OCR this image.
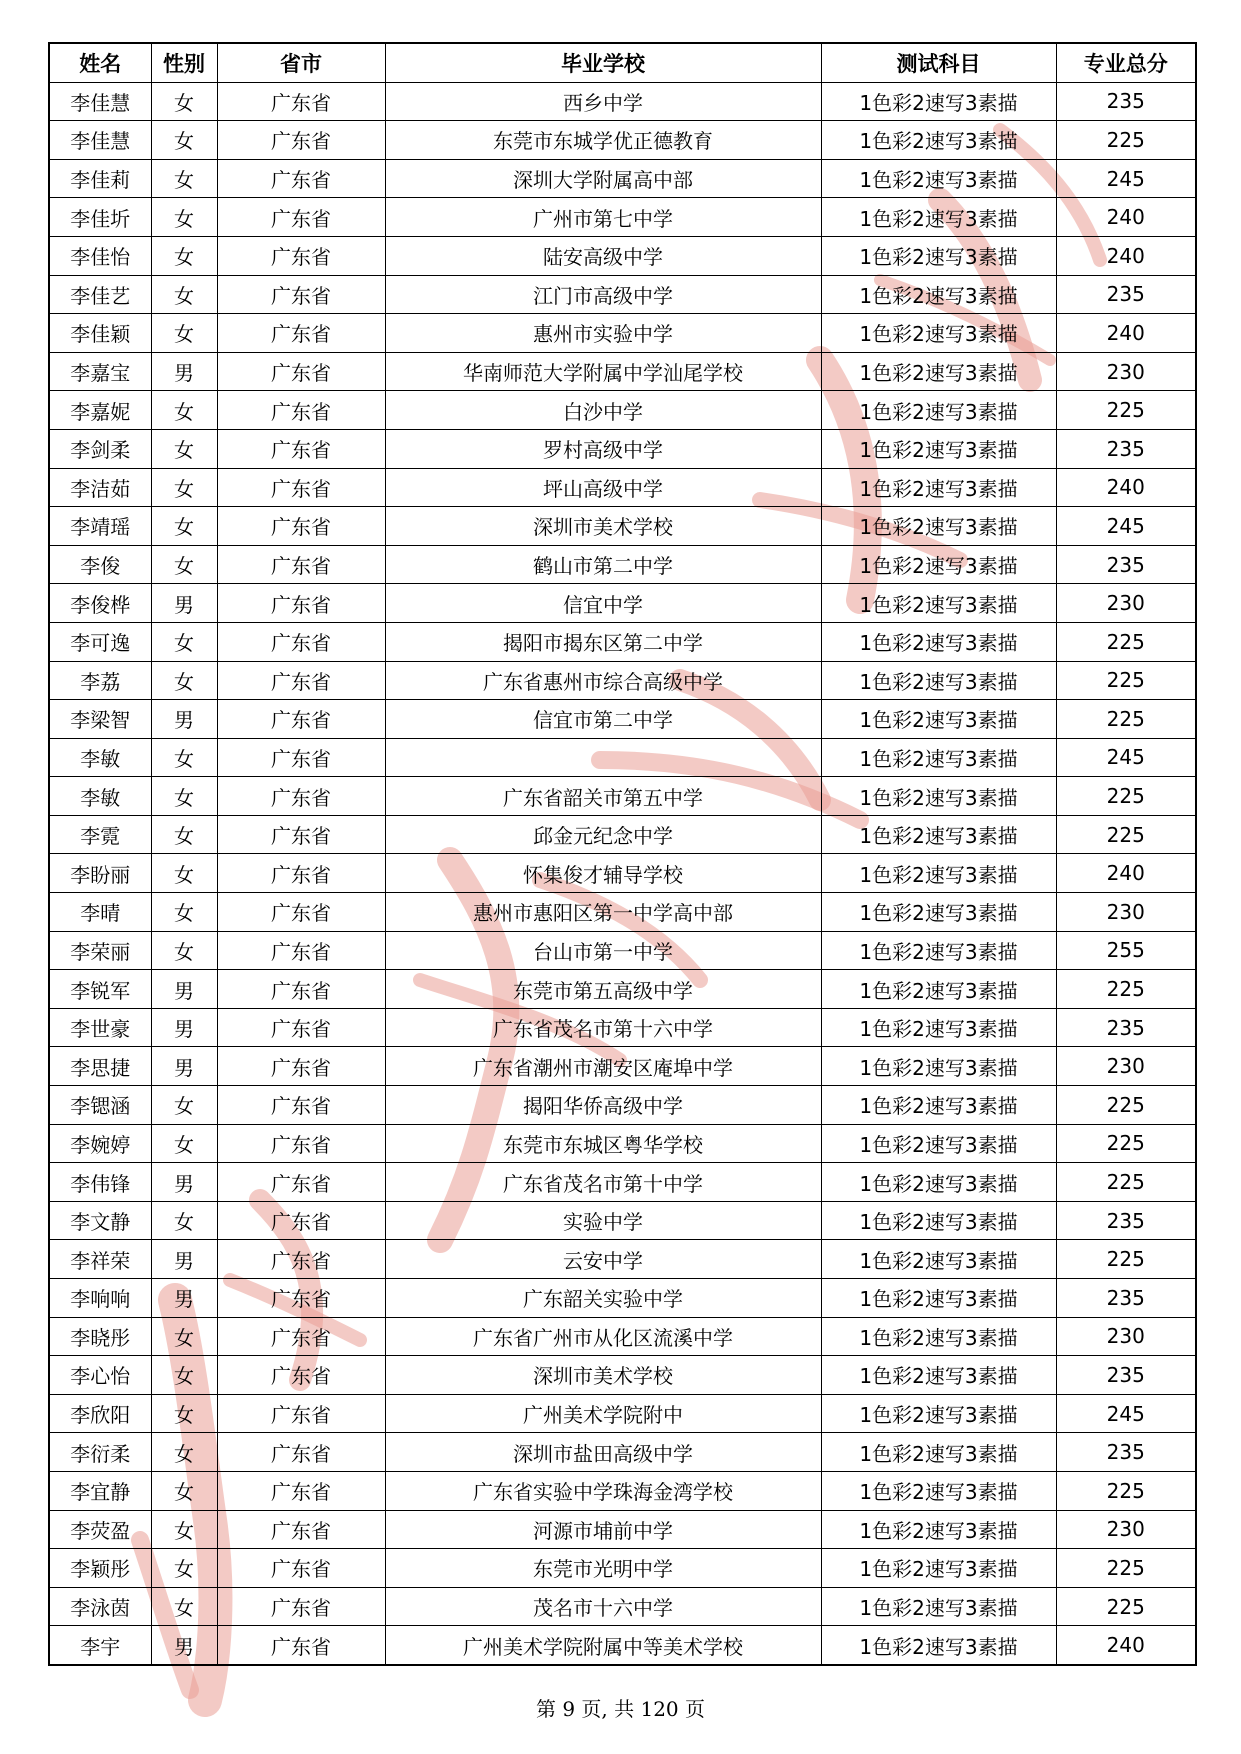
姓名	性别	省市	毕业学校	测试科目	专业总分
李佳慧	女	广东省	西乡中学	1色彩2速写3素描	235
李佳慧	女	广东省	东莞市东城学优正德教育	1色彩2速写3素描	225
李佳莉	女	广东省	深圳大学附属高中部	1色彩2速写3素描	245
李佳圻	女	广东省	广州市第七中学	1色彩2速写3素描	240
李佳怡	女	广东省	陆安高级中学	1色彩2速写3素描	240
李佳艺	女	广东省	江门市高级中学	1色彩2速写3素描	235
李佳颖	女	广东省	惠州市实验中学	1色彩2速写3素描	240
李嘉宝	男	广东省	华南师范大学附属中学汕尾学校	1色彩2速写3素描	230
李嘉妮	女	广东省	白沙中学	1色彩2速写3素描	225
李剑柔	女	广东省	罗村高级中学	1色彩2速写3素描	235
李洁茹	女	广东省	坪山高级中学	1色彩2速写3素描	240
李靖瑶	女	广东省	深圳市美术学校	1色彩2速写3素描	245
李俊	女	广东省	鹤山市第二中学	1色彩2速写3素描	235
李俊桦	男	广东省	信宜中学	1色彩2速写3素描	230
李可逸	女	广东省	揭阳市揭东区第二中学	1色彩2速写3素描	225
李荔	女	广东省	广东省惠州市综合高级中学	1色彩2速写3素描	225
李梁智	男	广东省	信宜市第二中学	1色彩2速写3素描	225
李敏	女	广东省		1色彩2速写3素描	245
李敏	女	广东省	广东省韶关市第五中学	1色彩2速写3素描	225
李霓	女	广东省	邱金元纪念中学	1色彩2速写3素描	225
李盼丽	女	广东省	怀集俊才辅导学校	1色彩2速写3素描	240
李晴	女	广东省	惠州市惠阳区第一中学高中部	1色彩2速写3素描	230
李荣丽	女	广东省	台山市第一中学	1色彩2速写3素描	255
李锐军	男	广东省	东莞市第五高级中学	1色彩2速写3素描	225
李世豪	男	广东省	广东省茂名市第十六中学	1色彩2速写3素描	235
李思捷	男	广东省	广东省潮州市潮安区庵埠中学	1色彩2速写3素描	230
李锶涵	女	广东省	揭阳华侨高级中学	1色彩2速写3素描	225
李婉婷	女	广东省	东莞市东城区粤华学校	1色彩2速写3素描	225
李伟锋	男	广东省	广东省茂名市第十中学	1色彩2速写3素描	225
李文静	女	广东省	实验中学	1色彩2速写3素描	235
李祥荣	男	广东省	云安中学	1色彩2速写3素描	225
李响响	男	广东省	广东韶关实验中学	1色彩2速写3素描	235
李晓彤	女	广东省	广东省广州市从化区流溪中学	1色彩2速写3素描	230
李心怡	女	广东省	深圳市美术学校	1色彩2速写3素描	235
李欣阳	女	广东省	广州美术学院附中	1色彩2速写3素描	245
李衍柔	女	广东省	深圳市盐田高级中学	1色彩2速写3素描	235
李宜静	女	广东省	广东省实验中学珠海金湾学校	1色彩2速写3素描	225
李荧盈	女	广东省	河源市埔前中学	1色彩2速写3素描	230
李颖彤	女	广东省	东莞市光明中学	1色彩2速写3素描	225
李泳茵	女	广东省	茂名市十六中学	1色彩2速写3素描	225
李宇	男	广东省	广州美术学院附属中等美术学校	1色彩2速写3素描	240
第 9 页, 共 120 页
